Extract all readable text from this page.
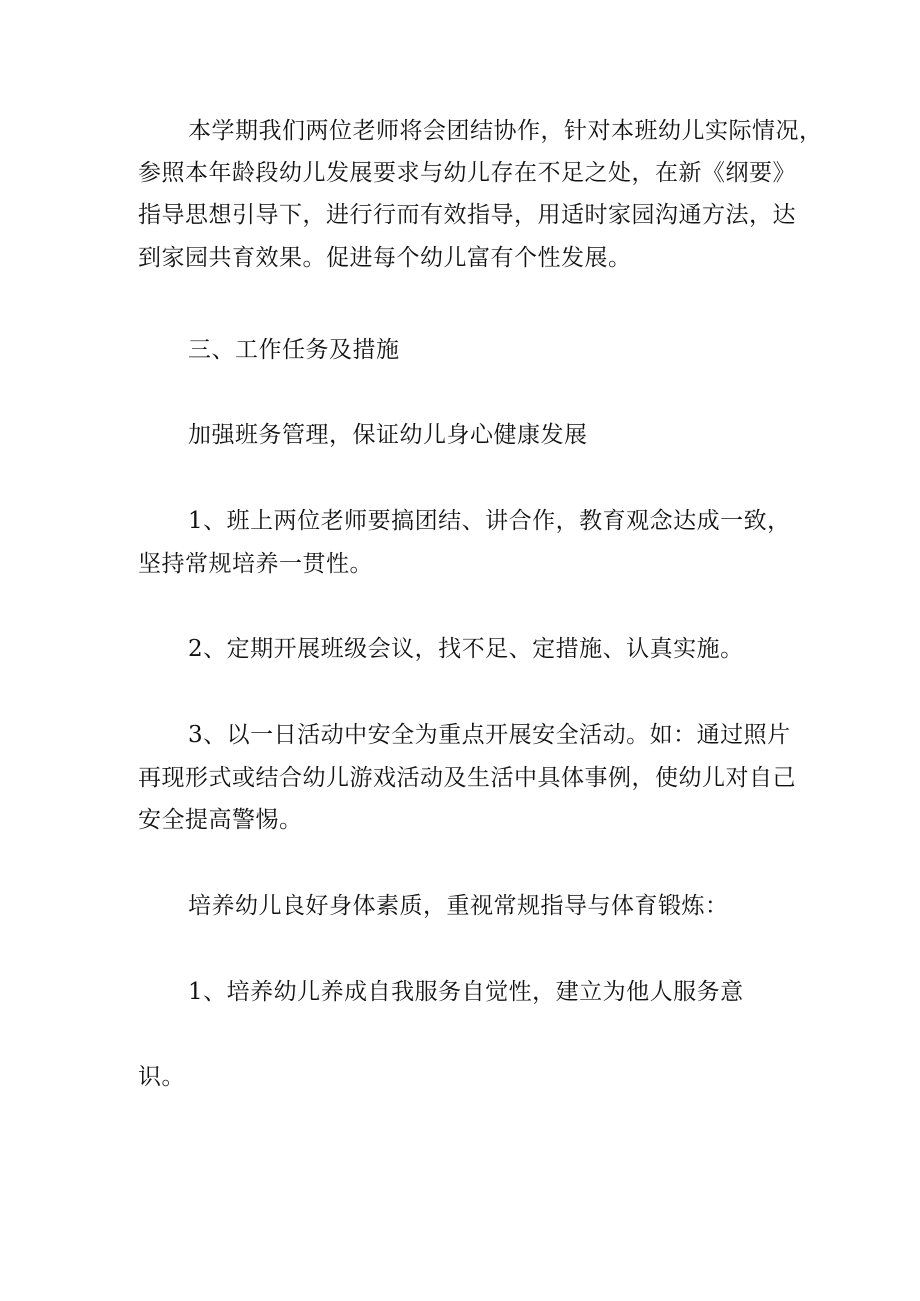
本学期我们两位老师将会团结协作，针对本班幼儿实际情况，
参照本年龄段幼儿发展要求与幼儿存在不足之处，在新《纲要》
指导思想引导下，进行行而有效指导，用适时家园沟通方法，达
到家园共育效果。促进每个幼儿富有个性发展。
三、工作任务及措施
加强班务管理，保证幼儿身心健康发展
1、班上两位老师要搞团结、讲合作，教育观念达成一致，
坚持常规培养一贯性。
2、定期开展班级会议，找不足、定措施、认真实施。
3、以一日活动中安全为重点开展安全活动。如：通过照片
再现形式或结合幼儿游戏活动及生活中具体事例，使幼儿对自己
安全提高警惕。
培养幼儿良好身体素质，重视常规指导与体育锻炼：
1、培养幼儿养成自我服务自觉性，建立为他人服务意
识。
